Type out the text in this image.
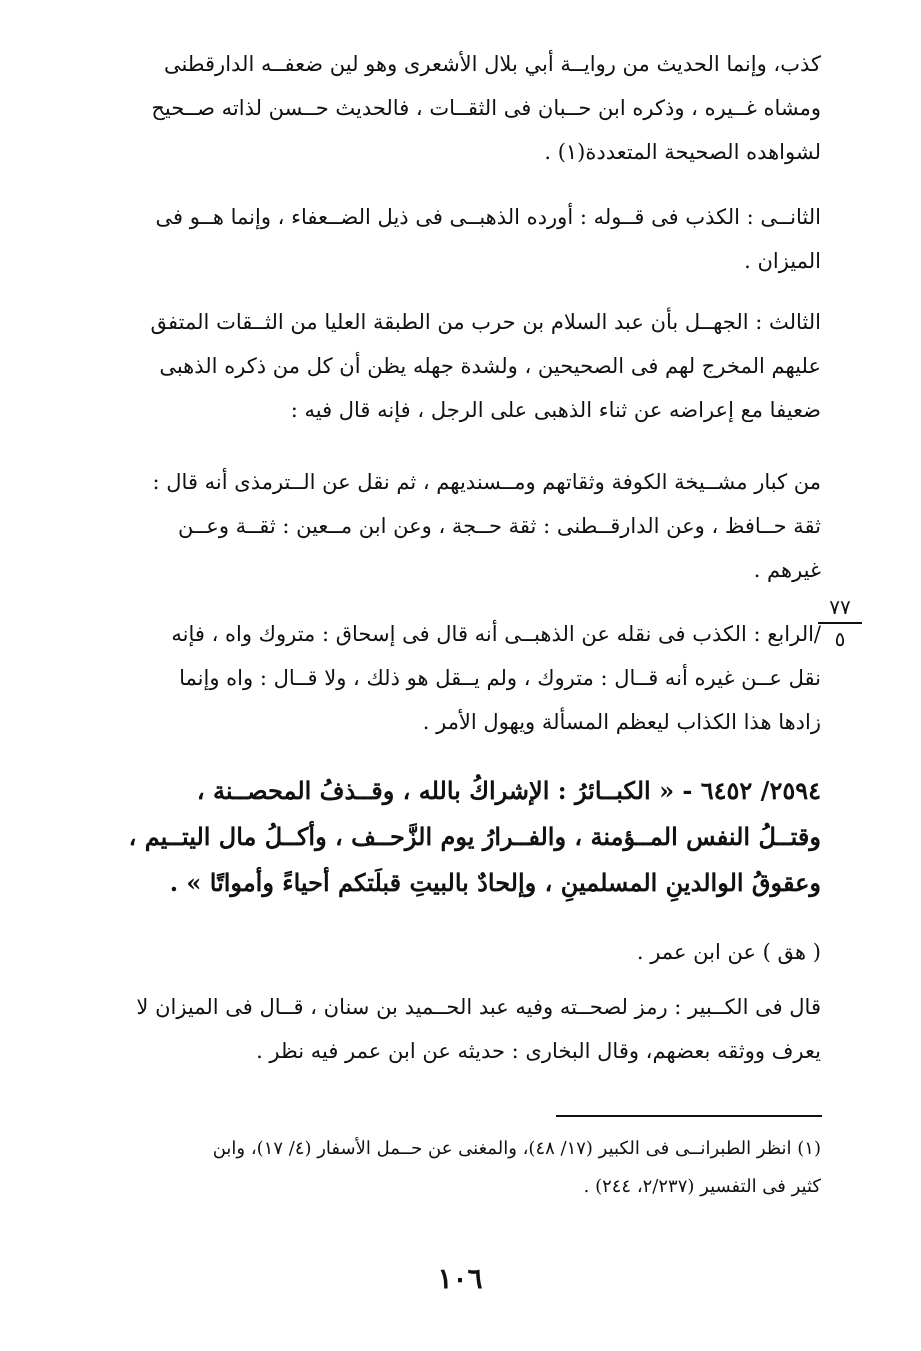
كذب، وإنما الحديث من روايــة أبي بلال الأشعرى وهو لين ضعفــه الدارقطنى
ومشاه غــيره ، وذكره ابن حــبان فى الثقــات ، فالحديث حــسن لذاته صــحيح
لشواهده الصحيحة المتعددة(١) .
الثانــى : الكذب فى قــوله : أورده الذهبــى فى ذيل الضــعفاء ، وإنما هــو فى
الميزان .
الثالث : الجهــل بأن عبد السلام بن حرب من الطبقة العليا من الثــقات المتفق
عليهم المخرج لهم فى الصحيحين ، ولشدة جهله يظن أن كل من ذكره الذهبى
ضعيفا مع إعراضه عن ثناء الذهبى على الرجل ، فإنه قال فيه :
من كبار مشــيخة الكوفة وثقاتهم ومــسنديهم ، ثم نقل عن الــترمذى أنه قال :
ثقة حــافظ ، وعن الدارقــطنى : ثقة حــجة ، وعن ابن مــعين : ثقــة وعــن
غيرهم .
٧٧
٥
/الرابع : الكذب فى نقله عن الذهبــى أنه قال فى إسحاق : متروك واه ، فإنه
نقل عــن غيره أنه قــال : متروك ، ولم يــقل هو ذلك ، ولا قــال : واه وإنما
زادها هذا الكذاب ليعظم المسألة ويهول الأمر .
٢٥٩٤/ ٦٤٥٢ - « الكبــائرُ : الإشراكُ بالله ، وقــذفُ المحصــنة ،
وقتــلُ النفس المــؤمنة ، والفــرارُ يوم الزَّحــف ، وأكــلُ مال اليتــيم ،
وعقوقُ الوالدينِ المسلمينِ ، وإلحادٌ بالبيتِ قبلَتكم أحياءً وأمواتًا » .
( هق ) عن ابن عمر .
قال فى الكــبير : رمز لصحــته وفيه عبد الحــميد بن سنان ، قــال فى الميزان لا
يعرف ووثقه بعضهم، وقال البخارى : حديثه عن ابن عمر فيه نظر .
(١) انظر الطبرانــى فى الكبير (١٧/ ٤٨)، والمغنى عن حــمل الأسفار (٤/ ١٧)، وابن
كثير فى التفسير (٢/٢٣٧، ٢٤٤) .
١٠٦
